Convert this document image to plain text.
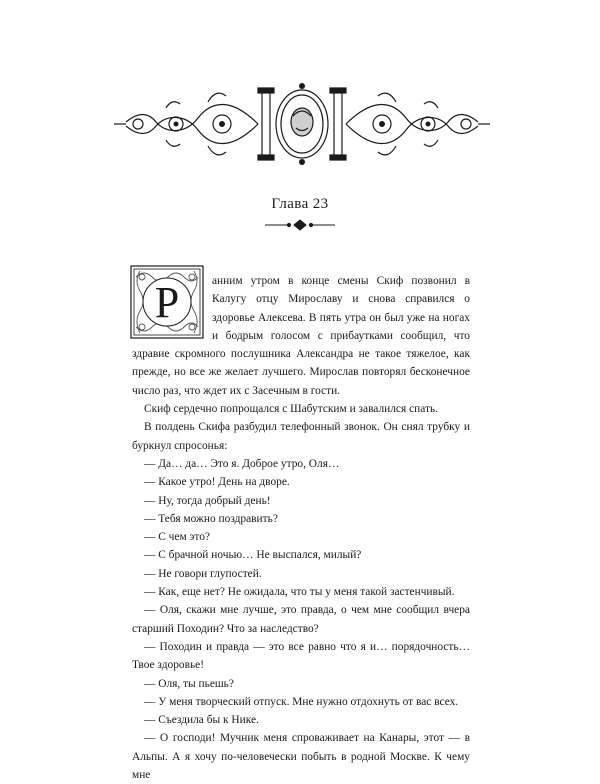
Глава 23
Р	анним утром в конце смены Скиф позвонил в Калугу отцу Мирославу и снова справился о здоровье Алексева. В пять утра он был уже на ногах и бодрым голосом с прибаутками сообщил, что здравие скромного послушника Александра не такое тяжелое, как прежде, но все же желает лучшего. Мирослав повторял бесконечное число раз, что ждет их с Засечным в гости.

Скиф сердечно попрощался с Шабутским и завалился спать.

В полдень Скифа разбудил телефонный звонок. Он снял трубку и буркнул спросонья:

— Да… да… Это я. Доброе утро, Оля…

— Какое утро! День на дворе.

— Ну, тогда добрый день!

— Тебя можно поздравить?

— С чем это?

— С брачной ночью… Не выспался, милый?

— Не говори глупостей.

— Как, еще нет? Не ожидала, что ты у меня такой застенчивый.

— Оля, скажи мне лучше, это правда, о чем мне сообщил вчера старший Походин? Что за наследство?

— Походин и правда — это все равно что я и… порядочность… Твое здоровье!

— Оля, ты пьешь?

— У меня творческий отпуск. Мне нужно отдохнуть от вас всех.

— Съездила бы к Нике.

— О господи! Мучник меня спроваживает на Канары, этот — в Альпы. А я хочу по-человечески побыть в родной Москве. К чему мне
